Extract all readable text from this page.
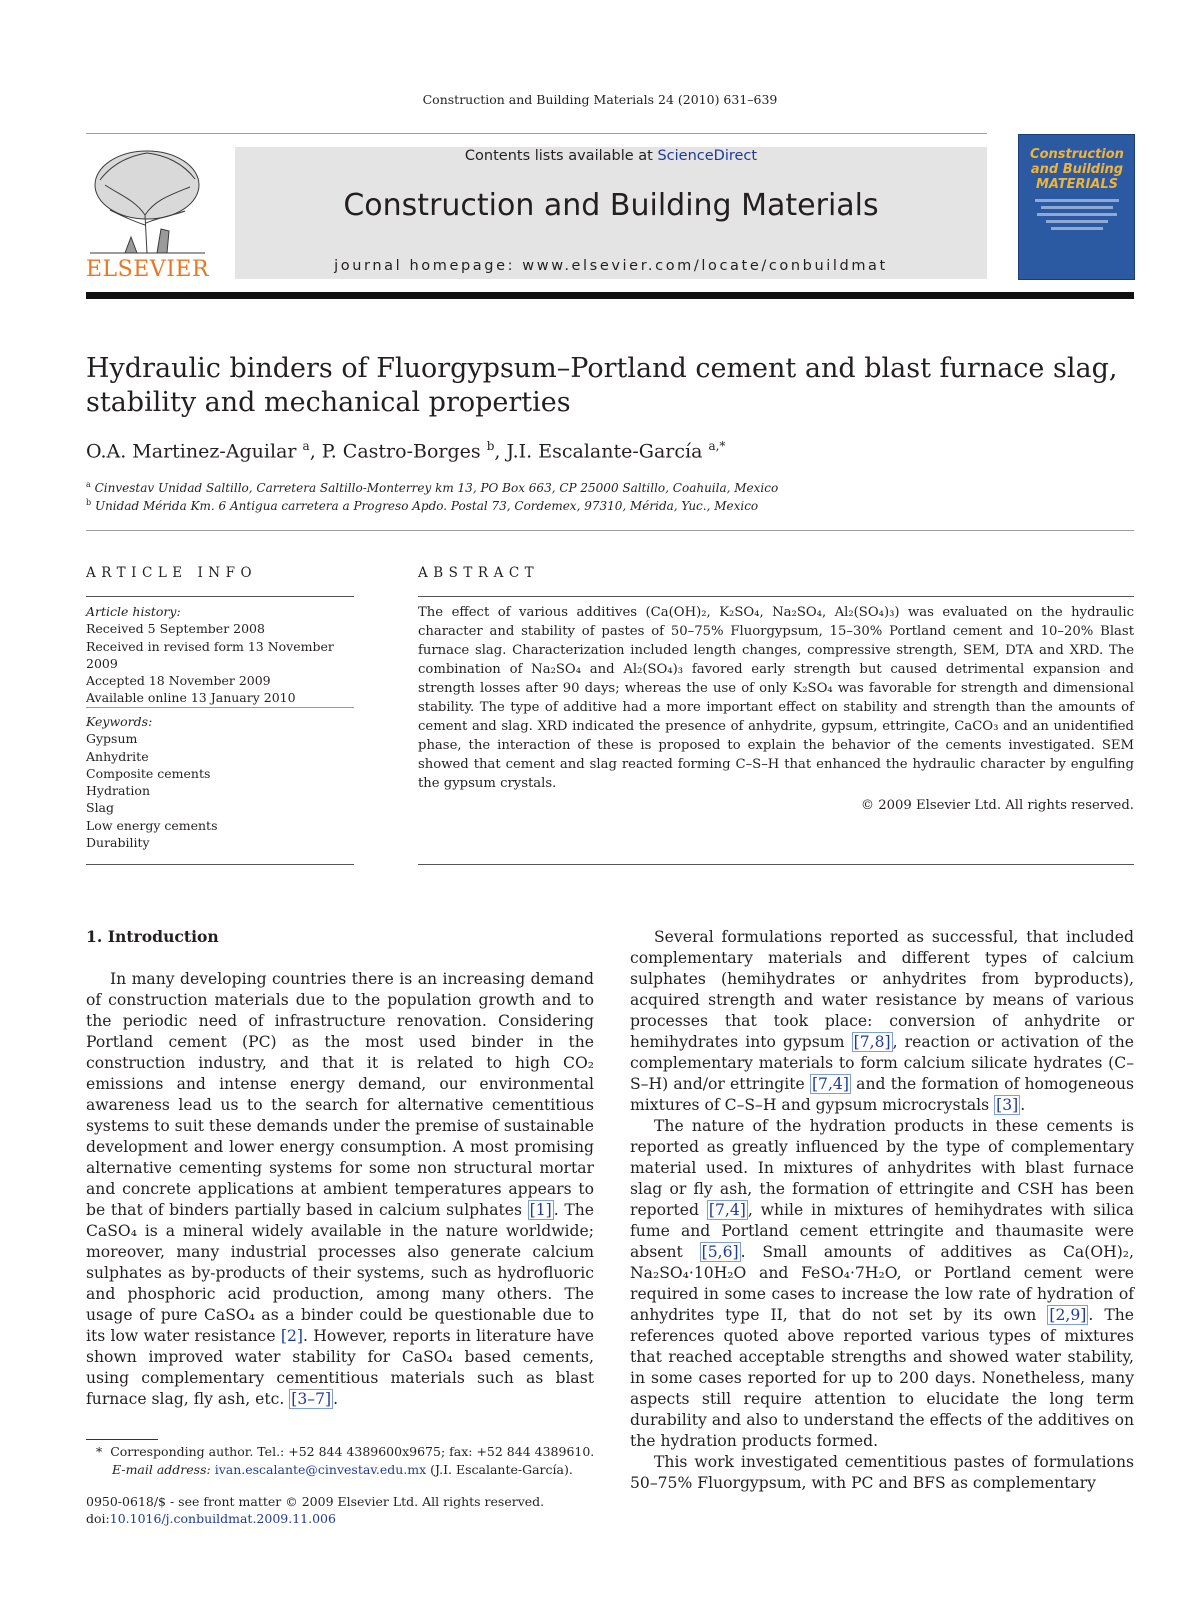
Construction and Building Materials 24 (2010) 631–639
ELSEVIER
Contents lists available at ScienceDirect
Construction and Building Materials
journal homepage: www.elsevier.com/locate/conbuildmat
Construction and Building MATERIALS
Hydraulic binders of Fluorgypsum–Portland cement and blast furnace slag, stability and mechanical properties
O.A. Martinez-Aguilar $^a$, P. Castro-Borges $^b$, J.I. Escalante-García $^{a,*}$
$^a$ Cinvestav Unidad Saltillo, Carretera Saltillo-Monterrey km 13, PO Box 663, CP 25000 Saltillo, Coahuila, Mexico
$^b$ Unidad Mérida Km. 6 Antigua carretera a Progreso Apdo. Postal 73, Cordemex, 97310, Mérida, Yuc., Mexico
ARTICLE INFO
Article history:
Received 5 September 2008
Received in revised form 13 November 2009
Accepted 18 November 2009
Available online 13 January 2010
Keywords:
Gypsum
Anhydrite
Composite cements
Hydration
Slag
Low energy cements
Durability
ABSTRACT
The effect of various additives (Ca(OH)₂, K₂SO₄, Na₂SO₄, Al₂(SO₄)₃) was evaluated on the hydraulic character and stability of pastes of 50–75% Fluorgypsum, 15–30% Portland cement and 10–20% Blast furnace slag. Characterization included length changes, compressive strength, SEM, DTA and XRD. The combination of Na₂SO₄ and Al₂(SO₄)₃ favored early strength but caused detrimental expansion and strength losses after 90 days; whereas the use of only K₂SO₄ was favorable for strength and dimensional stability. The type of additive had a more important effect on stability and strength than the amounts of cement and slag. XRD indicated the presence of anhydrite, gypsum, ettringite, CaCO₃ and an unidentified phase, the interaction of these is proposed to explain the behavior of the cements investigated. SEM showed that cement and slag reacted forming C–S–H that enhanced the hydraulic character by engulfing the gypsum crystals.
© 2009 Elsevier Ltd. All rights reserved.
1. Introduction

In many developing countries there is an increasing demand of construction materials due to the population growth and to the periodic need of infrastructure renovation. Considering Portland cement (PC) as the most used binder in the construction industry, and that it is related to high CO₂ emissions and intense energy demand, our environmental awareness lead us to the search for alternative cementitious systems to suit these demands under the premise of sustainable development and lower energy consumption. A most promising alternative cementing systems for some non structural mortar and concrete applications at ambient temperatures appears to be that of binders partially based in calcium sulphates [1] . The CaSO₄ is a mineral widely available in the nature worldwide; moreover, many industrial processes also generate calcium sulphates as by-products of their systems, such as hydrofluoric and phosphoric acid production, among many others. The usage of pure CaSO₄ as a binder could be questionable due to its low water resistance [2]. However, reports in literature have shown improved water stability for CaSO₄ based cements, using complementary cementitious materials such as blast furnace slag, fly ash, etc. [3–7] .

Several formulations reported as successful, that included complementary materials and different types of calcium sulphates (hemihydrates or anhydrites from byproducts), acquired strength and water resistance by means of various processes that took place: conversion of anhydrite or hemihydrates into gypsum [7,8] , reaction or activation of the complementary materials to form calcium silicate hydrates (C–S–H) and/or ettringite [7,4] and the formation of homogeneous mixtures of C–S–H and gypsum microcrystals [3] .

The nature of the hydration products in these cements is reported as greatly influenced by the type of complementary material used. In mixtures of anhydrites with blast furnace slag or fly ash, the formation of ettringite and CSH has been reported [7,4] , while in mixtures of hemihydrates with silica fume and Portland cement ettringite and thaumasite were absent [5,6] . Small amounts of additives as Ca(OH)₂, Na₂SO₄·10H₂O and FeSO₄·7H₂O, or Portland cement were required in some cases to increase the low rate of hydration of anhydrites type II, that do not set by its own [2,9] . The references quoted above reported various types of mixtures that reached acceptable strengths and showed water stability, in some cases reported for up to 200 days. Nonetheless, many aspects still require attention to elucidate the long term durability and also to understand the effects of the additives on the hydration products formed.

This work investigated cementitious pastes of formulations 50–75% Fluorgypsum, with PC and BFS as complementary

* Corresponding author. Tel.: +52 844 4389600x9675; fax: +52 844 4389610.
E-mail address: ivan.escalante@cinvestav.edu.mx (J.I. Escalante-García).
0950-0618/$ - see front matter © 2009 Elsevier Ltd. All rights reserved.
doi:10.1016/j.conbuildmat.2009.11.006
